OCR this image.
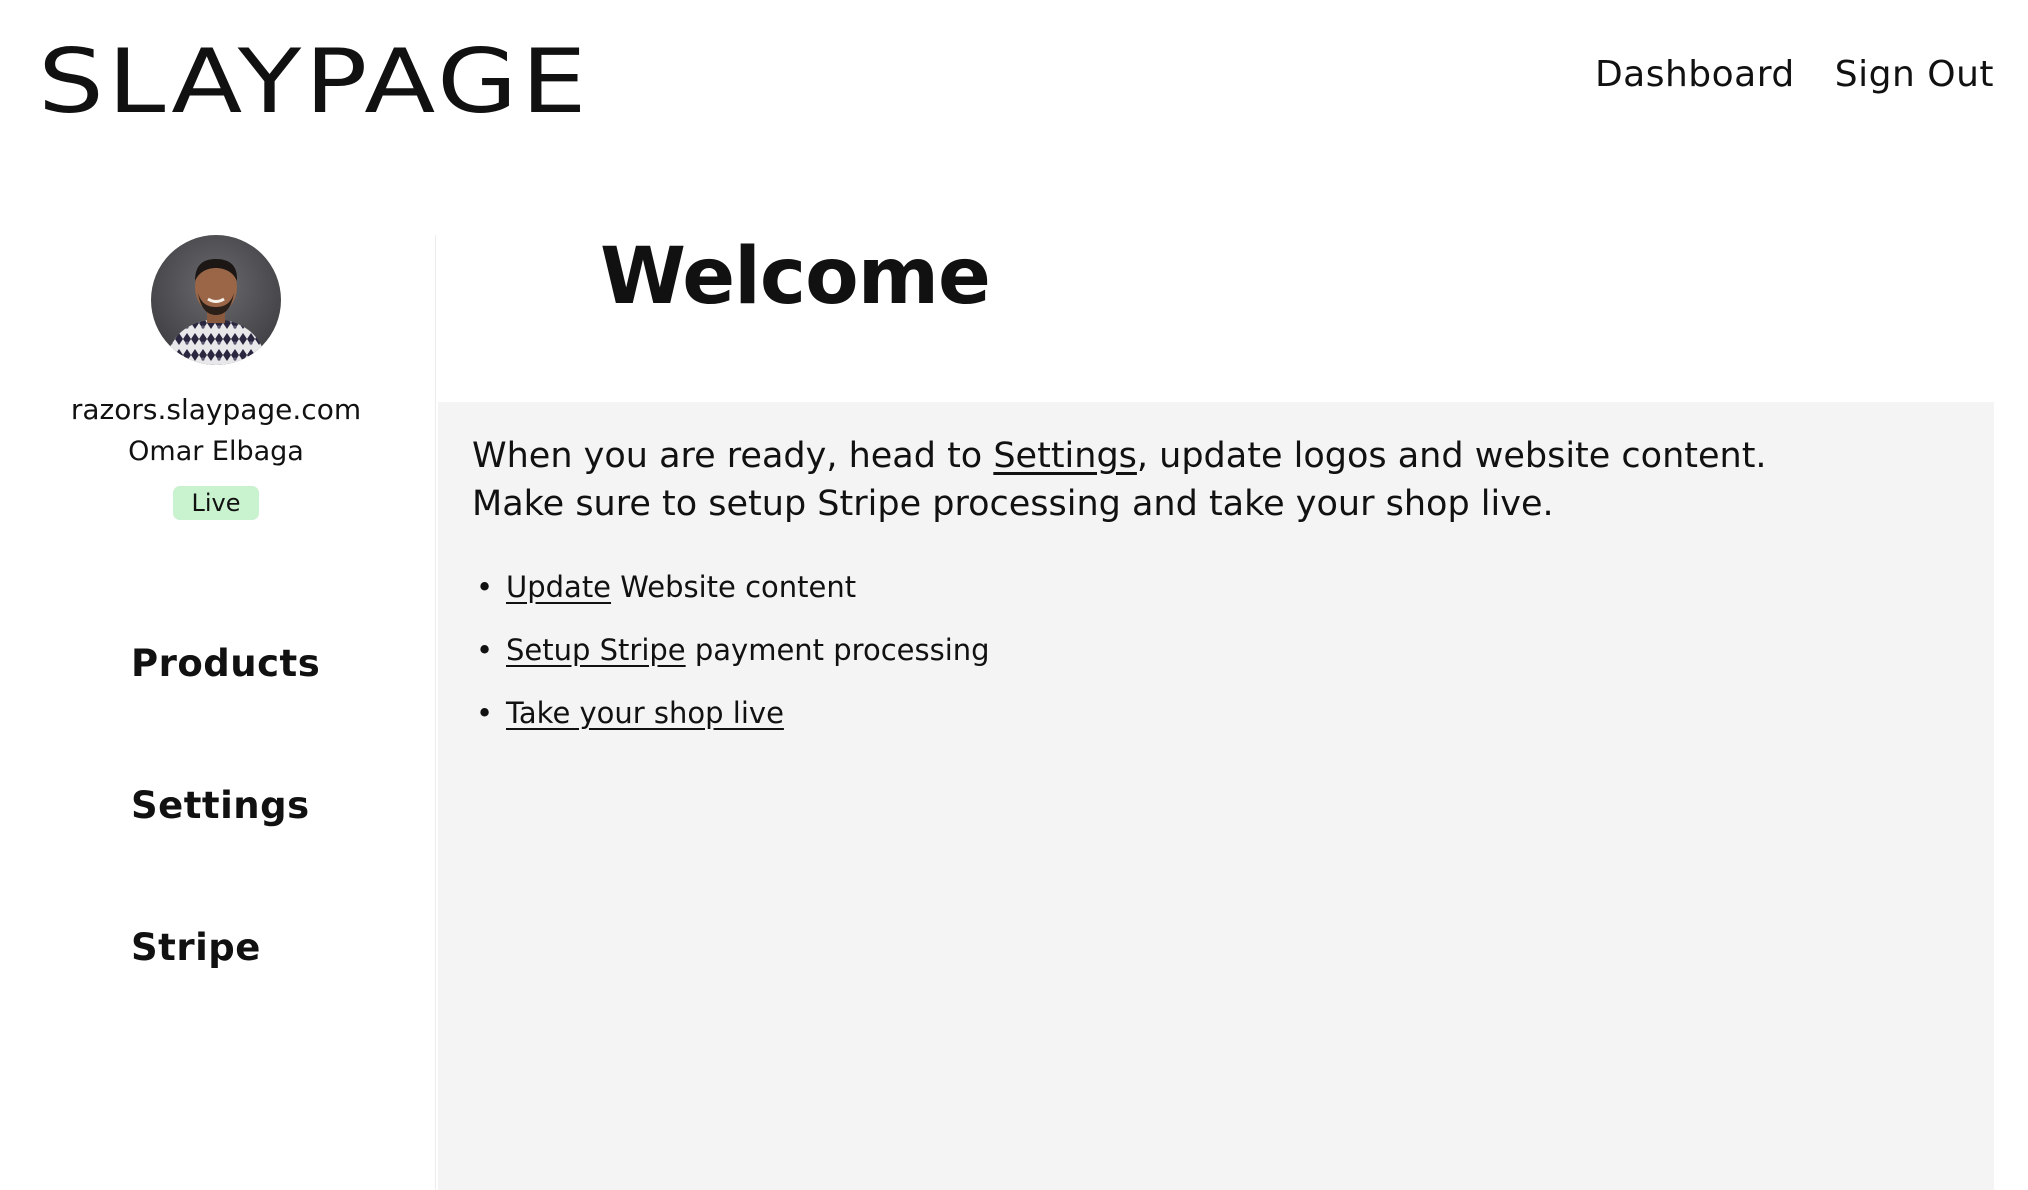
SLAYPAGE	Dashboard Sign Out
razors.slaypage.com
Omar Elbaga
Live
Products
Settings
Stripe
Welcome
When you are ready, head to Settings, update logos and website content.
Make sure to setup Stripe processing and take your shop live.
• Update Website content
• Setup Stripe payment processing
• Take your shop live
